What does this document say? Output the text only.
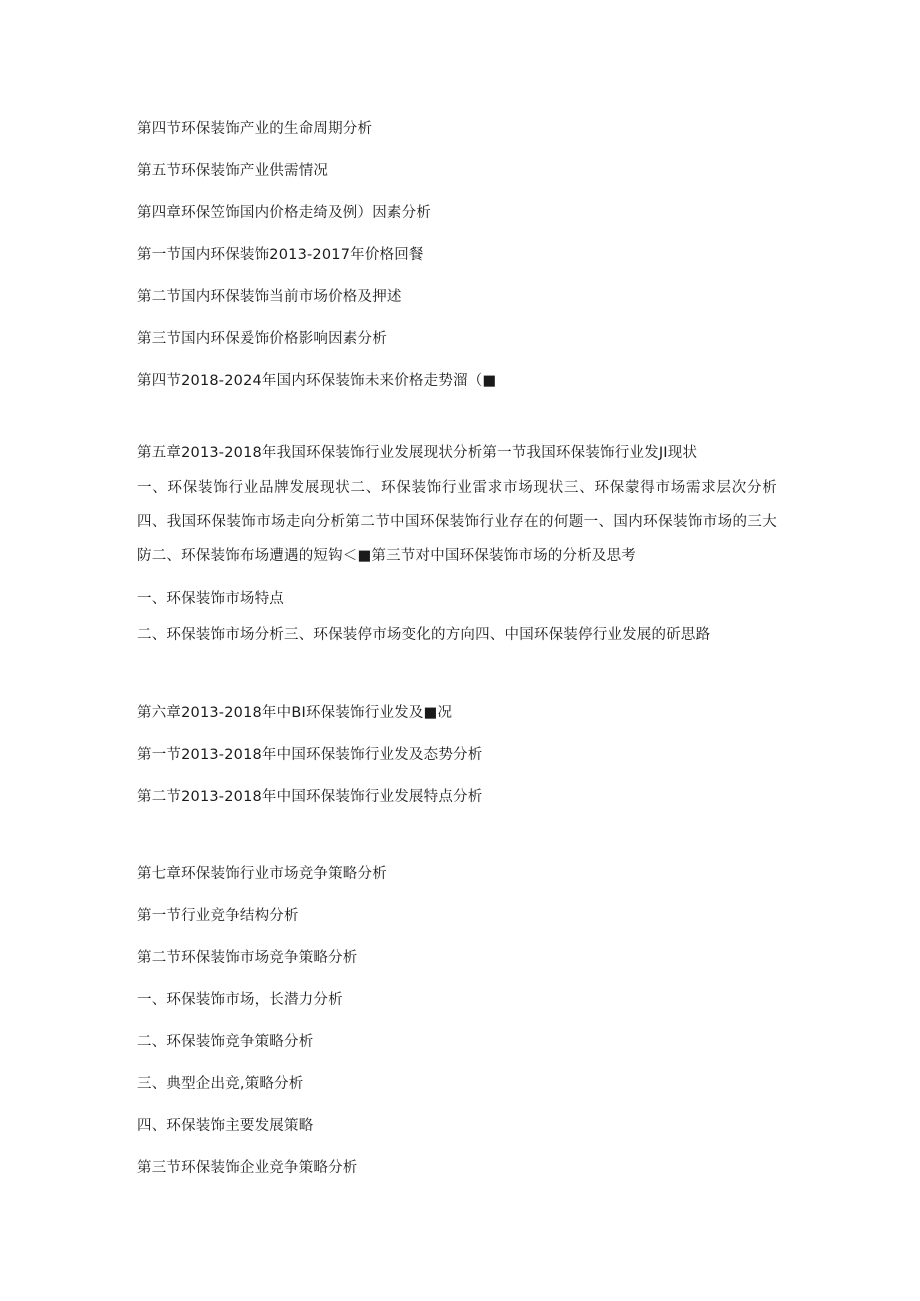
第四节环保装饰产业的生命周期分析
第五节环保装饰产业供需情况
第四章环保笠饰国内价格走绮及例）因素分析
第一节国内环保装饰2013-2017年价格回餐
第二节国内环保装饰当前市场价格及押述
第三节国内环保爰饰价格影响因素分析
第四节2018-2024年国内环保装饰未来价格走势溜（■
第五章2013-2018年我国环保装饰行业发展现状分析第一节我国环保装饰行业发JI现状
一、环保装饰行业品牌发展现状二、环保装饰行业雷求市场现状三、环保蒙得市场需求层次分析四、我国环保装饰市场走向分析第二节中国环保装饰行业存在的何题一、国内环保装饰市场的三大防二、环保装饰布场遭遇的短钩＜■第三节对中国环保装饰市场的分析及思考
一、环保装饰市场特点
二、环保装饰市场分析三、环保装停市场变化的方向四、中国环保装停行业发展的斫思路
第六章2013-2018年中BI环保装饰行业发及■况
第一节2013-2018年中国环保装饰行业发及态势分析
第二节2013-2018年中国环保装饰行业发展特点分析
第七章环保装饰行业市场竞争策略分析
第一节行业竞争结构分析
第二节环保装饰市场竞争策略分析
一、环保装饰市场，长潜力分析
二、环保装饰竞争策略分析
三、典型企出竞,策略分析
四、环保装饰主要发展策略
第三节环保装饰企业竞争策略分析
